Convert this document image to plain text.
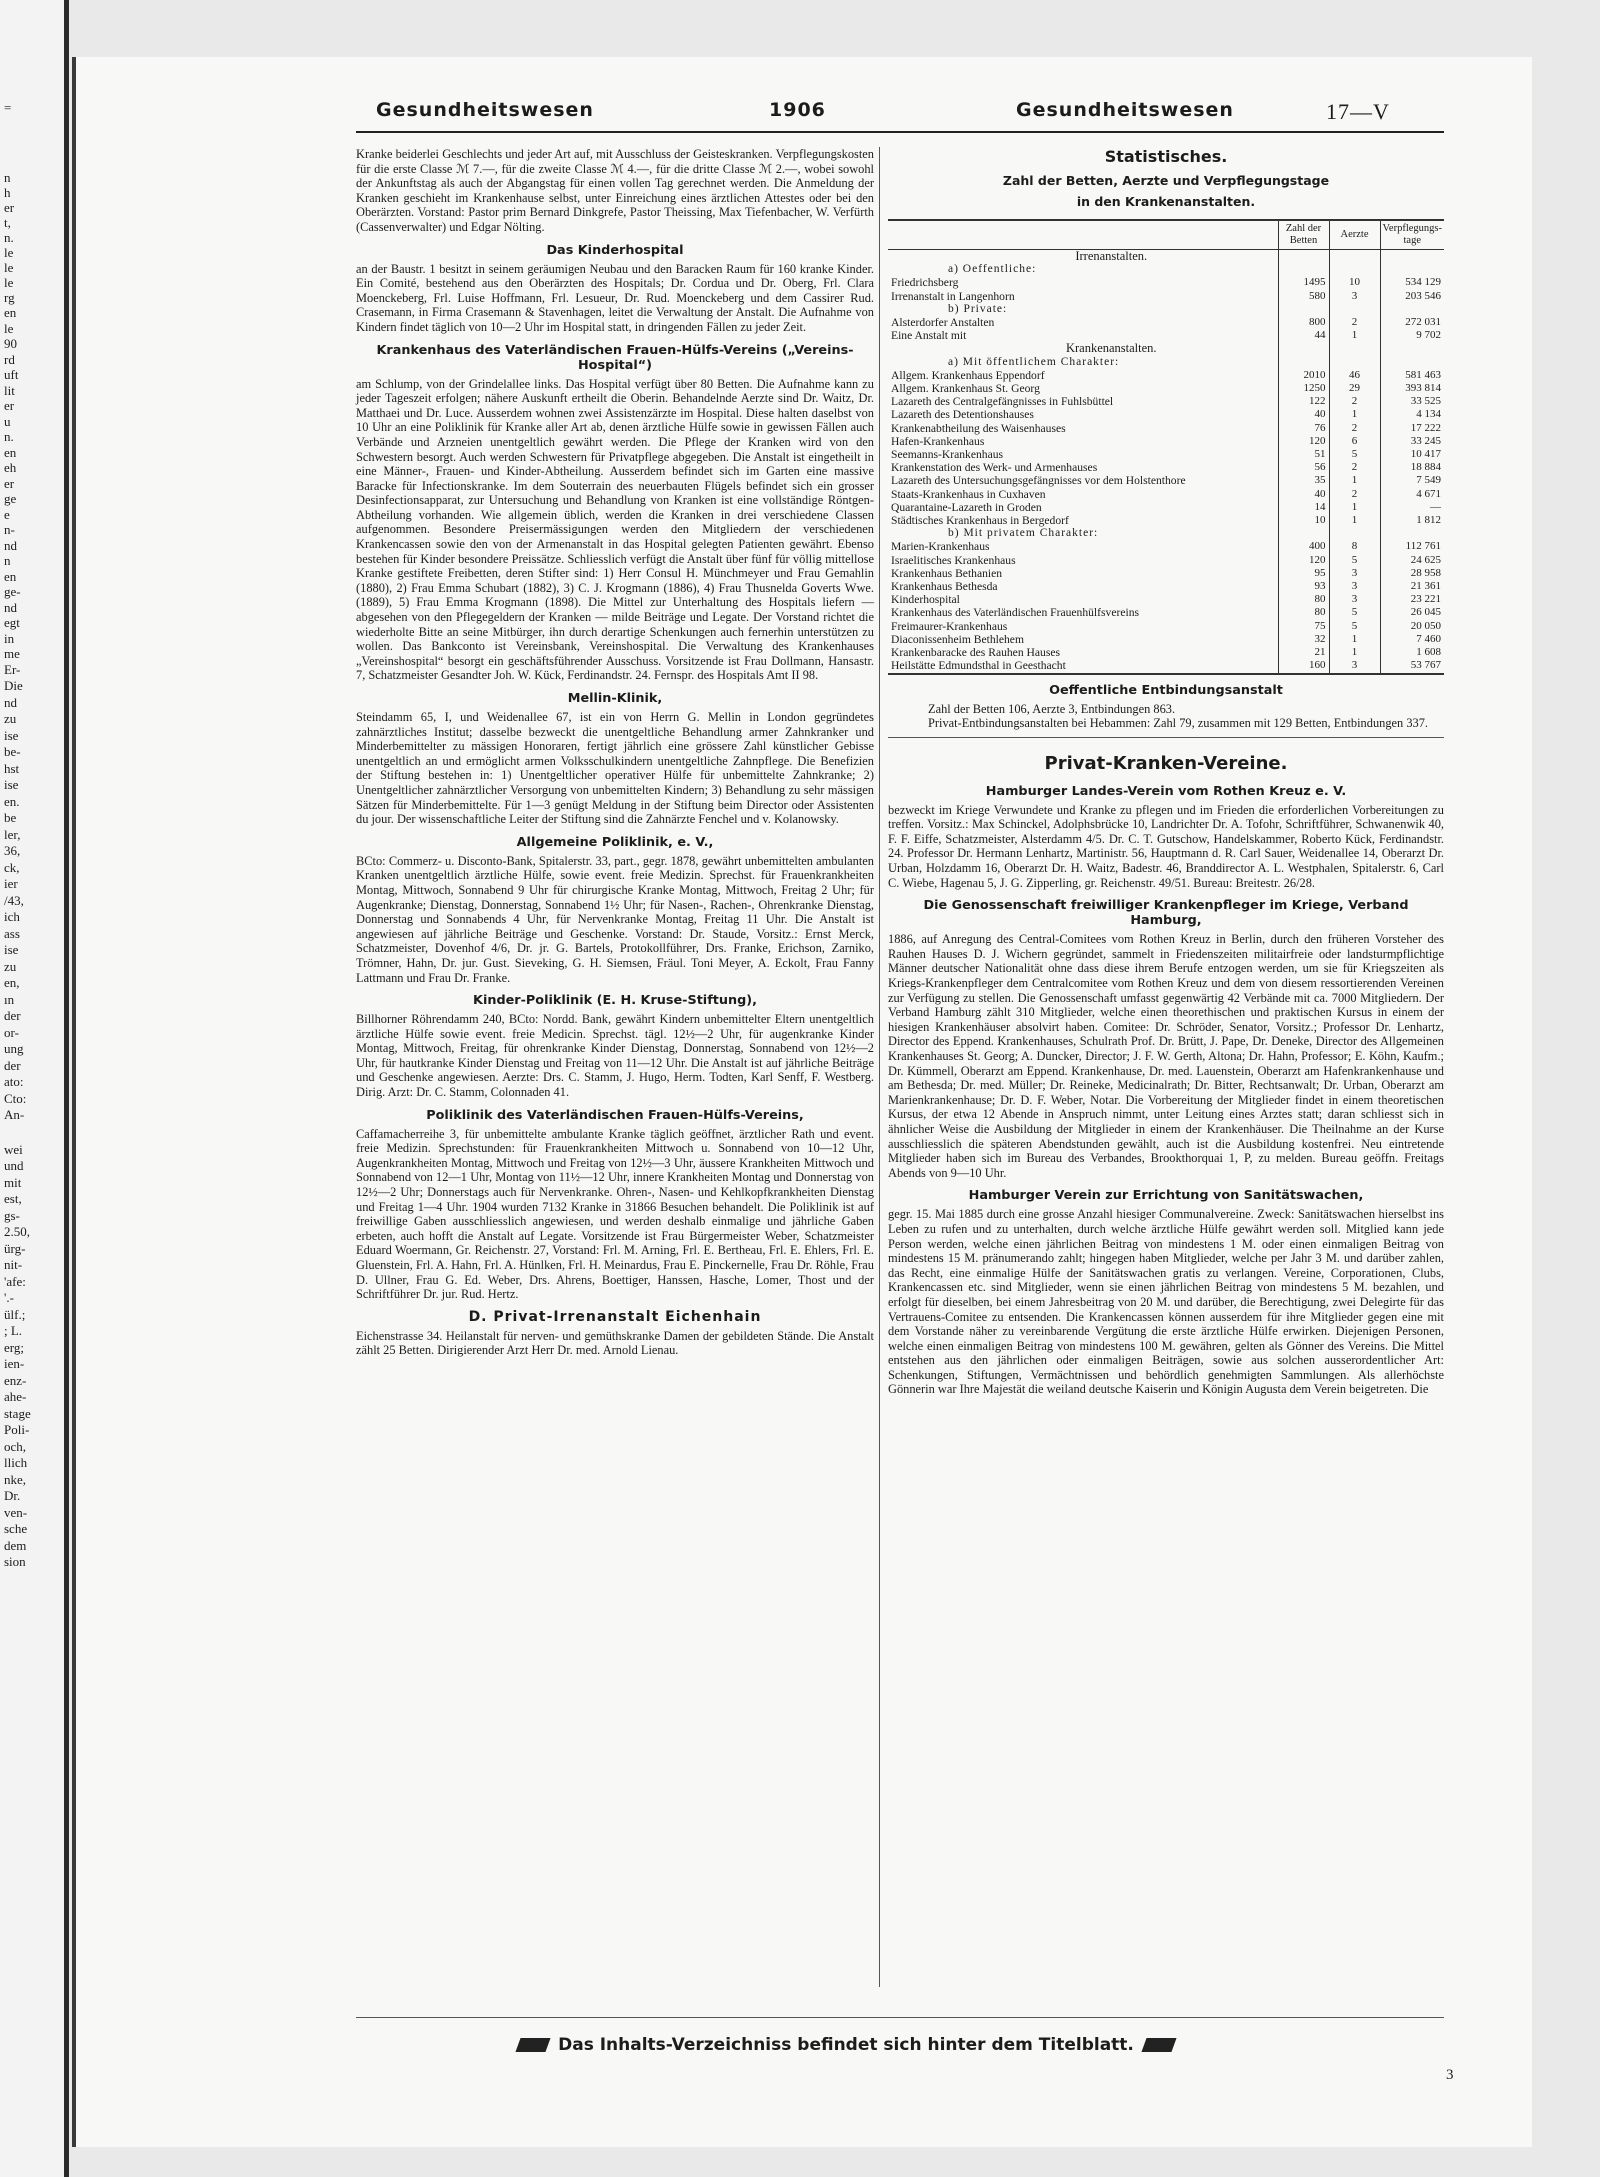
=
n
h
er
t,
n.
le
le
le
rg
en
le
90
rd
uft
lit
er
u
n.
en
eh
er
ge
e
n-
nd
n
en
ge-
nd
egt
in
me
Er-
Die
nd
zu
ise
be-
hst
ise
en.
be
ler,
36,
ck,
ier
/43,
ich
ass
ise
zu
en,
ın
der
or-
ung
der
ato:
Cto:
An-
wei
und
mit
est,
gs-
2.50,
ürg-
nit-
'afe:
'.-
ülf.;
; L.
erg;
ien-
enz-
ahe-
stage
Poli-
och,
llich
nke,
Dr.
ven-
sche
dem
sion
Gesundheitswesen	1906	Gesundheitswesen	17—V

Kranke beiderlei Geschlechts und jeder Art auf, mit Ausschluss der Geisteskranken. Verpflegungskosten für die erste Classe ℳ 7.—, für die zweite Classe ℳ 4.—, für die dritte Classe ℳ 2.—, wobei sowohl der Ankunftstag als auch der Abgangstag für einen vollen Tag gerechnet werden. Die Anmeldung der Kranken geschieht im Krankenhause selbst, unter Einreichung eines ärztlichen Attestes oder bei den Oberärzten. Vorstand: Pastor prim Bernard Dinkgrefe, Pastor Theissing, Max Tiefenbacher, W. Verfürth (Cassenverwalter) und Edgar Nölting.

Das Kinderhospital

an der Baustr. 1 besitzt in seinem geräumigen Neubau und den Baracken Raum für 160 kranke Kinder. Ein Comité, bestehend aus den Oberärzten des Hospitals; Dr. Cordua und Dr. Oberg, Frl. Clara Moenckeberg, Frl. Luise Hoffmann, Frl. Lesueur, Dr. Rud. Moenckeberg und dem Cassirer Rud. Crasemann, in Firma Crasemann & Stavenhagen, leitet die Verwaltung der Anstalt. Die Aufnahme von Kindern findet täglich von 10—2 Uhr im Hospital statt, in dringenden Fällen zu jeder Zeit.

Krankenhaus des Vaterländischen Frauen-Hülfs-Vereins („Vereins-Hospital“)

am Schlump, von der Grindelallee links. Das Hospital verfügt über 80 Betten. Die Aufnahme kann zu jeder Tageszeit erfolgen; nähere Auskunft ertheilt die Oberin. Behandelnde Aerzte sind Dr. Waitz, Dr. Matthaei und Dr. Luce. Ausserdem wohnen zwei Assistenzärzte im Hospital. Diese halten daselbst von 10 Uhr an eine Poliklinik für Kranke aller Art ab, denen ärztliche Hülfe sowie in gewissen Fällen auch Verbände und Arzneien unentgeltlich gewährt werden. Die Pflege der Kranken wird von den Schwestern besorgt. Auch werden Schwestern für Privatpflege abgegeben. Die Anstalt ist eingetheilt in eine Männer-, Frauen- und Kinder-Abtheilung. Ausserdem befindet sich im Garten eine massive Baracke für Infectionskranke. Im dem Souterrain des neuerbauten Flügels befindet sich ein grosser Desinfectionsapparat, zur Untersuchung und Behandlung von Kranken ist eine vollständige Röntgen-Abtheilung vorhanden. Wie allgemein üblich, werden die Kranken in drei verschiedene Classen aufgenommen. Besondere Preisermässigungen werden den Mitgliedern der verschiedenen Krankencassen sowie den von der Armenanstalt in das Hospital gelegten Patienten gewährt. Ebenso bestehen für Kinder besondere Preissätze. Schliesslich verfügt die Anstalt über fünf für völlig mittellose Kranke gestiftete Freibetten, deren Stifter sind: 1) Herr Consul H. Münchmeyer und Frau Gemahlin (1880), 2) Frau Emma Schubart (1882), 3) C. J. Krogmann (1886), 4) Frau Thusnelda Goverts Wwe. (1889), 5) Frau Emma Krogmann (1898). Die Mittel zur Unterhaltung des Hospitals liefern — abgesehen von den Pflegegeldern der Kranken — milde Beiträge und Legate. Der Vorstand richtet die wiederholte Bitte an seine Mitbürger, ihn durch derartige Schenkungen auch fernerhin unterstützen zu wollen. Das Bankconto ist Vereinsbank, Vereinshospital. Die Verwaltung des Krankenhauses „Vereinshospital“ besorgt ein geschäftsführender Ausschuss. Vorsitzende ist Frau Dollmann, Hansastr. 7, Schatzmeister Gesandter Joh. W. Kück, Ferdinandstr. 24. Fernspr. des Hospitals Amt II 98.

Mellin-Klinik,

Steindamm 65, I, und Weidenallee 67, ist ein von Herrn G. Mellin in London gegründetes zahnärztliches Institut; dasselbe bezweckt die unentgeltliche Behandlung armer Zahnkranker und Minderbemittelter zu mässigen Honoraren, fertigt jährlich eine grössere Zahl künstlicher Gebisse unentgeltlich an und ermöglicht armen Volksschulkindern unentgeltliche Zahnpflege. Die Benefizien der Stiftung bestehen in: 1) Unentgeltlicher operativer Hülfe für unbemittelte Zahnkranke; 2) Unentgeltlicher zahnärztlicher Versorgung von unbemittelten Kindern; 3) Behandlung zu sehr mässigen Sätzen für Minderbemittelte. Für 1—3 genügt Meldung in der Stiftung beim Director oder Assistenten du jour. Der wissenschaftliche Leiter der Stiftung sind die Zahnärzte Fenchel und v. Kolanowsky.

Allgemeine Poliklinik, e. V.,

BCto: Commerz- u. Disconto-Bank, Spitalerstr. 33, part., gegr. 1878, gewährt unbemittelten ambulanten Kranken unentgeltlich ärztliche Hülfe, sowie event. freie Medizin. Sprechst. für Frauenkrankheiten Montag, Mittwoch, Sonnabend 9 Uhr für chirurgische Kranke Montag, Mittwoch, Freitag 2 Uhr; für Augenkranke; Dienstag, Donnerstag, Sonnabend 1½ Uhr; für Nasen-, Rachen-, Ohrenkranke Dienstag, Donnerstag und Sonnabends 4 Uhr, für Nervenkranke Montag, Freitag 11 Uhr. Die Anstalt ist angewiesen auf jährliche Beiträge und Geschenke. Vorstand: Dr. Staude, Vorsitz.: Ernst Merck, Schatzmeister, Dovenhof 4/6, Dr. jr. G. Bartels, Protokollführer, Drs. Franke, Erichson, Zarniko, Trömner, Hahn, Dr. jur. Gust. Sieveking, G. H. Siemsen, Fräul. Toni Meyer, A. Eckolt, Frau Fanny Lattmann und Frau Dr. Franke.

Kinder-Poliklinik (E. H. Kruse-Stiftung),

Billhorner Röhrendamm 240, BCto: Nordd. Bank, gewährt Kindern unbemittelter Eltern unentgeltlich ärztliche Hülfe sowie event. freie Medicin. Sprechst. tägl. 12½—2 Uhr, für augenkranke Kinder Montag, Mittwoch, Freitag, für ohrenkranke Kinder Dienstag, Donnerstag, Sonnabend von 12½—2 Uhr, für hautkranke Kinder Dienstag und Freitag von 11—12 Uhr. Die Anstalt ist auf jährliche Beiträge und Geschenke angewiesen. Aerzte: Drs. C. Stamm, J. Hugo, Herm. Todten, Karl Senff, F. Westberg. Dirig. Arzt: Dr. C. Stamm, Colonnaden 41.

Poliklinik des Vaterländischen Frauen-Hülfs-Vereins,

Caffamacherreihe 3, für unbemittelte ambulante Kranke täglich geöffnet, ärztlicher Rath und event. freie Medizin. Sprechstunden: für Frauenkrankheiten Mittwoch u. Sonnabend von 10—12 Uhr, Augenkrankheiten Montag, Mittwoch und Freitag von 12½—3 Uhr, äussere Krankheiten Mittwoch und Sonnabend von 12—1 Uhr, Montag von 11½—12 Uhr, innere Krankheiten Montag und Donnerstag von 12½—2 Uhr; Donnerstags auch für Nervenkranke. Ohren-, Nasen- und Kehlkopfkrankheiten Dienstag und Freitag 1—4 Uhr. 1904 wurden 7132 Kranke in 31866 Besuchen behandelt. Die Poliklinik ist auf freiwillige Gaben ausschliesslich angewiesen, und werden deshalb einmalige und jährliche Gaben erbeten, auch hofft die Anstalt auf Legate. Vorsitzende ist Frau Bürgermeister Weber, Schatzmeister Eduard Woermann, Gr. Reichenstr. 27, Vorstand: Frl. M. Arning, Frl. E. Bertheau, Frl. E. Ehlers, Frl. E. Gluenstein, Frl. A. Hahn, Frl. A. Hünlken, Frl. H. Meinardus, Frau E. Pinckernelle, Frau Dr. Röhle, Frau D. Ullner, Frau G. Ed. Weber, Drs. Ahrens, Boettiger, Hanssen, Hasche, Lomer, Thost und der Schriftführer Dr. jur. Rud. Hertz.

D. Privat-Irrenanstalt Eichenhain

Eichenstrasse 34. Heilanstalt für nerven- und gemüthskranke Damen der gebildeten Stände. Die Anstalt zählt 25 Betten. Dirigierender Arzt Herr Dr. med. Arnold Lienau.

Statistisches.

Zahl der Betten, Aerzte und Verpflegungstage

in den Krankenanstalten.

	Zahl der Betten	Aerzte	Verpflegungs-tage
Irrenanstalten.			
a) Oeffentliche:			
Friedrichsberg	1495	10	534 129
Irrenanstalt in Langenhorn	580	3	203 546
b) Private:			
Alsterdorfer Anstalten	800	2	272 031
Eine Anstalt mit	44	1	9 702
Krankenanstalten.			
a) Mit öffentlichem Charakter:			
Allgem. Krankenhaus Eppendorf	2010	46	581 463
Allgem. Krankenhaus St. Georg	1250	29	393 814
Lazareth des Centralgefängnisses in Fuhlsbüttel	122	2	33 525
Lazareth des Detentionshauses	40	1	4 134
Krankenabtheilung des Waisenhauses	76	2	17 222
Hafen-Krankenhaus	120	6	33 245
Seemanns-Krankenhaus	51	5	10 417
Krankenstation des Werk- und Armenhauses	56	2	18 884
Lazareth des Untersuchungsgefängnisses vor dem Holstenthore	35	1	7 549
Staats-Krankenhaus in Cuxhaven	40	2	4 671
Quarantaine-Lazareth in Groden	14	1	—
Städtisches Krankenhaus in Bergedorf	10	1	1 812
b) Mit privatem Charakter:			
Marien-Krankenhaus	400	8	112 761
Israelitisches Krankenhaus	120	5	24 625
Krankenhaus Bethanien	95	3	28 958
Krankenhaus Bethesda	93	3	21 361
Kinderhospital	80	3	23 221
Krankenhaus des Vaterländischen Frauenhülfsvereins	80	5	26 045
Freimaurer-Krankenhaus	75	5	20 050
Diaconissenheim Bethlehem	32	1	7 460
Krankenbaracke des Rauhen Hauses	21	1	1 608
Heilstätte Edmundsthal in Geesthacht	160	3	53 767
Oeffentliche Entbindungsanstalt

Zahl der Betten 106, Aerzte 3, Entbindungen 863.

Privat-Entbindungsanstalten bei Hebammen: Zahl 79, zusammen mit 129 Betten, Entbindungen 337.

Privat-Kranken-Vereine.
Hamburger Landes-Verein vom Rothen Kreuz e. V.

bezweckt im Kriege Verwundete und Kranke zu pflegen und im Frieden die erforderlichen Vorbereitungen zu treffen. Vorsitz.: Max Schinckel, Adolphsbrücke 10, Landrichter Dr. A. Tofohr, Schriftführer, Schwanenwik 40, F. F. Eiffe, Schatzmeister, Alsterdamm 4/5. Dr. C. T. Gutschow, Handelskammer, Roberto Kück, Ferdinandstr. 24. Professor Dr. Hermann Lenhartz, Martinistr. 56, Hauptmann d. R. Carl Sauer, Weidenallee 14, Oberarzt Dr. Urban, Holzdamm 16, Oberarzt Dr. H. Waitz, Badestr. 46, Branddirector A. L. Westphalen, Spitalerstr. 6, Carl C. Wiebe, Hagenau 5, J. G. Zipperling, gr. Reichenstr. 49/51. Bureau: Breitestr. 26/28.

Die Genossenschaft freiwilliger Krankenpfleger im Kriege, Verband Hamburg,

1886, auf Anregung des Central-Comitees vom Rothen Kreuz in Berlin, durch den früheren Vorsteher des Rauhen Hauses D. J. Wichern gegründet, sammelt in Friedenszeiten militairfreie oder landsturmpflichtige Männer deutscher Nationalität ohne dass diese ihrem Berufe entzogen werden, um sie für Kriegszeiten als Kriegs-Krankenpfleger dem Centralcomitee vom Rothen Kreuz und dem von diesem ressortierenden Vereinen zur Verfügung zu stellen. Die Genossenschaft umfasst gegenwärtig 42 Verbände mit ca. 7000 Mitgliedern. Der Verband Hamburg zählt 310 Mitglieder, welche einen theorethischen und praktischen Kursus in einem der hiesigen Krankenhäuser absolvirt haben. Comitee: Dr. Schröder, Senator, Vorsitz.; Professor Dr. Lenhartz, Director des Eppend. Krankenhauses, Schulrath Prof. Dr. Brütt, J. Pape, Dr. Deneke, Director des Allgemeinen Krankenhauses St. Georg; A. Duncker, Director; J. F. W. Gerth, Altona; Dr. Hahn, Professor; E. Köhn, Kaufm.; Dr. Kümmell, Oberarzt am Eppend. Krankenhause, Dr. med. Lauenstein, Oberarzt am Hafenkrankenhause und am Bethesda; Dr. med. Müller; Dr. Reineke, Medicinalrath; Dr. Bitter, Rechtsanwalt; Dr. Urban, Oberarzt am Marienkrankenhause; Dr. D. F. Weber, Notar. Die Vorbereitung der Mitglieder findet in einem theoretischen Kursus, der etwa 12 Abende in Anspruch nimmt, unter Leitung eines Arztes statt; daran schliesst sich in ähnlicher Weise die Ausbildung der Mitglieder in einem der Krankenhäuser. Die Theilnahme an der Kurse ausschliesslich die späteren Abendstunden gewählt, auch ist die Ausbildung kostenfrei. Neu eintretende Mitglieder haben sich im Bureau des Verbandes, Brookthorquai 1, P, zu melden. Bureau geöffn. Freitags Abends von 9—10 Uhr.

Hamburger Verein zur Errichtung von Sanitätswachen,

gegr. 15. Mai 1885 durch eine grosse Anzahl hiesiger Communalvereine. Zweck: Sanitätswachen hierselbst ins Leben zu rufen und zu unterhalten, durch welche ärztliche Hülfe gewährt werden soll. Mitglied kann jede Person werden, welche einen jährlichen Beitrag von mindestens 1 M. oder einen einmaligen Beitrag von mindestens 15 M. pränumerando zahlt; hingegen haben Mitglieder, welche per Jahr 3 M. und darüber zahlen, das Recht, eine einmalige Hülfe der Sanitätswachen gratis zu verlangen. Vereine, Corporationen, Clubs, Krankencassen etc. sind Mitglieder, wenn sie einen jährlichen Beitrag von mindestens 5 M. bezahlen, und erfolgt für dieselben, bei einem Jahresbeitrag von 20 M. und darüber, die Berechtigung, zwei Delegirte für das Vertrauens-Comitee zu entsenden. Die Krankencassen können ausserdem für ihre Mitglieder gegen eine mit dem Vorstande näher zu vereinbarende Vergütung die erste ärztliche Hülfe erwirken. Diejenigen Personen, welche einen einmaligen Beitrag von mindestens 100 M. gewähren, gelten als Gönner des Vereins. Die Mittel entstehen aus den jährlichen oder einmaligen Beiträgen, sowie aus solchen ausserordentlicher Art: Schenkungen, Stiftungen, Vermächtnissen und behördlich genehmigten Sammlungen. Als allerhöchste Gönnerin war Ihre Majestät die weiland deutsche Kaiserin und Königin Augusta dem Verein beigetreten. Die

Das Inhalts-Verzeichniss befindet sich hinter dem Titelblatt.
3
